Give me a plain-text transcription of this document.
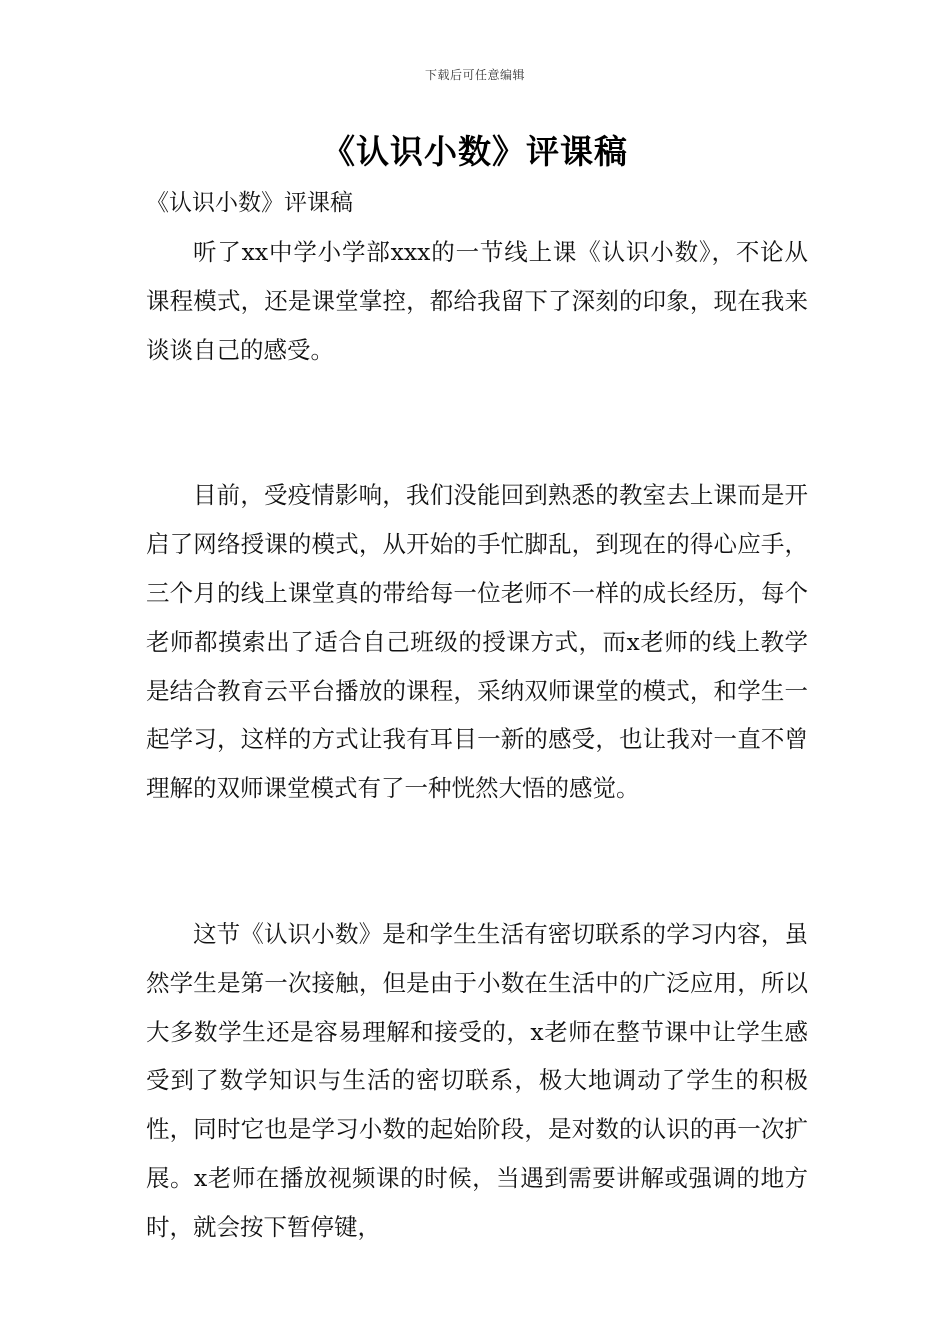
下载后可任意编辑
《认识小数》评课稿
《认识小数》评课稿

听了xx中学小学部xxx的一节线上课《认识小数》，不论从课程模式，还是课堂掌控，都给我留下了深刻的印象，现在我来谈谈自己的感受。

目前，受疫情影响，我们没能回到熟悉的教室去上课而是开启了网络授课的模式，从开始的手忙脚乱，到现在的得心应手，三个月的线上课堂真的带给每一位老师不一样的成长经历，每个老师都摸索出了适合自己班级的授课方式，而x老师的线上教学是结合教育云平台播放的课程，采纳双师课堂的模式，和学生一起学习，这样的方式让我有耳目一新的感受，也让我对一直不曾理解的双师课堂模式有了一种恍然大悟的感觉。

这节《认识小数》是和学生生活有密切联系的学习内容，虽然学生是第一次接触，但是由于小数在生活中的广泛应用，所以大多数学生还是容易理解和接受的，x老师在整节课中让学生感受到了数学知识与生活的密切联系，极大地调动了学生的积极性，同时它也是学习小数的起始阶段，是对数的认识的再一次扩展。x老师在播放视频课的时候，当遇到需要讲解或强调的地方时，就会按下暂停键，
